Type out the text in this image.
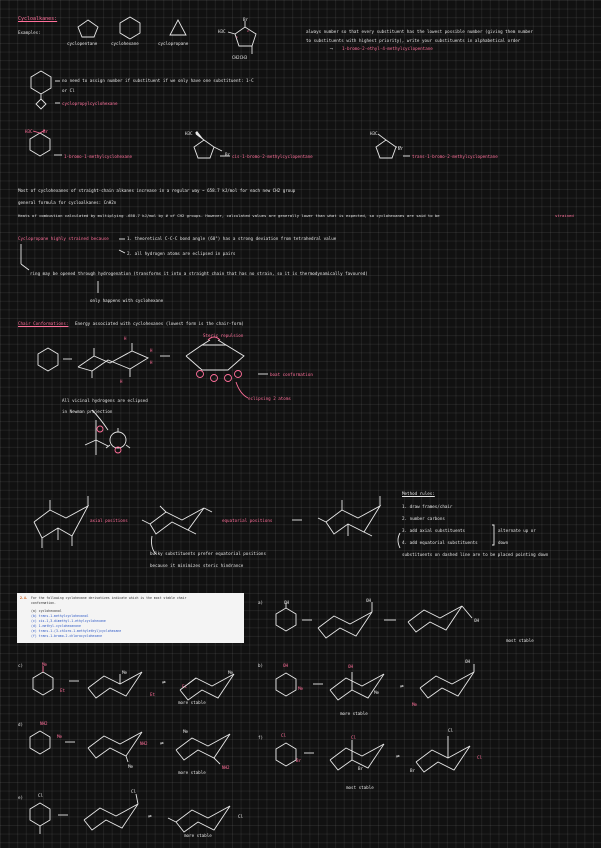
Cycloalkanes:
Examples:
cyclopentane	cyclohexane	cyclopropane
H3C
Br
CH2CH3
always number so that every substituent has the lowest possible number (giving them number
to substituents with highest priority), write your substituents in alphabetical order
⟶ 1-bromo-2-ethyl-4-methylcyclopentane
no need to assign number if substituent if we only have one substituent: 1-C
or Cl
cyclopropylcyclohexane
H3C Br
1-bromo-1-methylcyclohexane
H3C
Br cis-1-bromo-2-methylcyclopentane
H3C
Br
trans-1-bromo-2-methylcyclopentane
Most of cyclohexanes of straight-chain alkanes increase in a regular way ~ 658.7 kJ/mol for each new CH2 group
general formula for cycloalkanes: CnH2n
Heats of combustion calculated by multiplying -658.7 kJ/mol by # of CH2 groups. However, calculated values are generally lower than what is expected, so cyclohexanes are said to be	strained
Cyclopropane highly strained because	1. theoretical C-C-C bond angle (60°) has a strong deviation from tetrahedral value
2. all hydrogen atoms are eclipsed in pairs
ring may be opened through hydrogenation (transforms it into a straight chain that has no strain, so it is thermodynamically favoured)
only happens with cyclohexane
Chair Conformations: Energy associated with cyclohexanes (lowest form is the chair-form)
Steric repulsion
boat conformation
eclipsing 2 atoms
All vicinal hydrogens are eclipsed
in Newman projection
axial positions	equatorial positions
bulky substituents prefer equatorial positions
because it minimizes steric hindrance
Method rules:
1. draw frames/chair
2. number carbons
3. add axial substituents
4. add equatorial substituents
alternate up or
down
substituents on dashed line are to be placed pointing down
2.4. For the following cyclohexane derivatives indicate which is the most stable chair
conformation.
(a) cyclohexanol
(b) trans-1-methylcyclohexanol
(c) cis-1,3-dimethyl-1-ethylcyclohexane
(d) 1-methyl-cyclohexanone
(e) trans-1-(3-chloro-1-methylethyl)cyclohexane
(f) trans-1-bromo-2-chlorocyclohexane
a)
c)	b)
d)
f)
e)
OH	OH
OH
most stable
Me
Et
Me
Et
Et
Me
more stable
OH
Me
OH
Me
OH
Me
more stable
NH2
Me
NH2
Me
Me
NH2
more stable
Cl
Br
Cl
Br
Cl
Cl
Br
most stable
Cl
Cl
Cl
more stable
1
2
H
H
H
H
⇌
⇌
⇌
⇌
⇌
